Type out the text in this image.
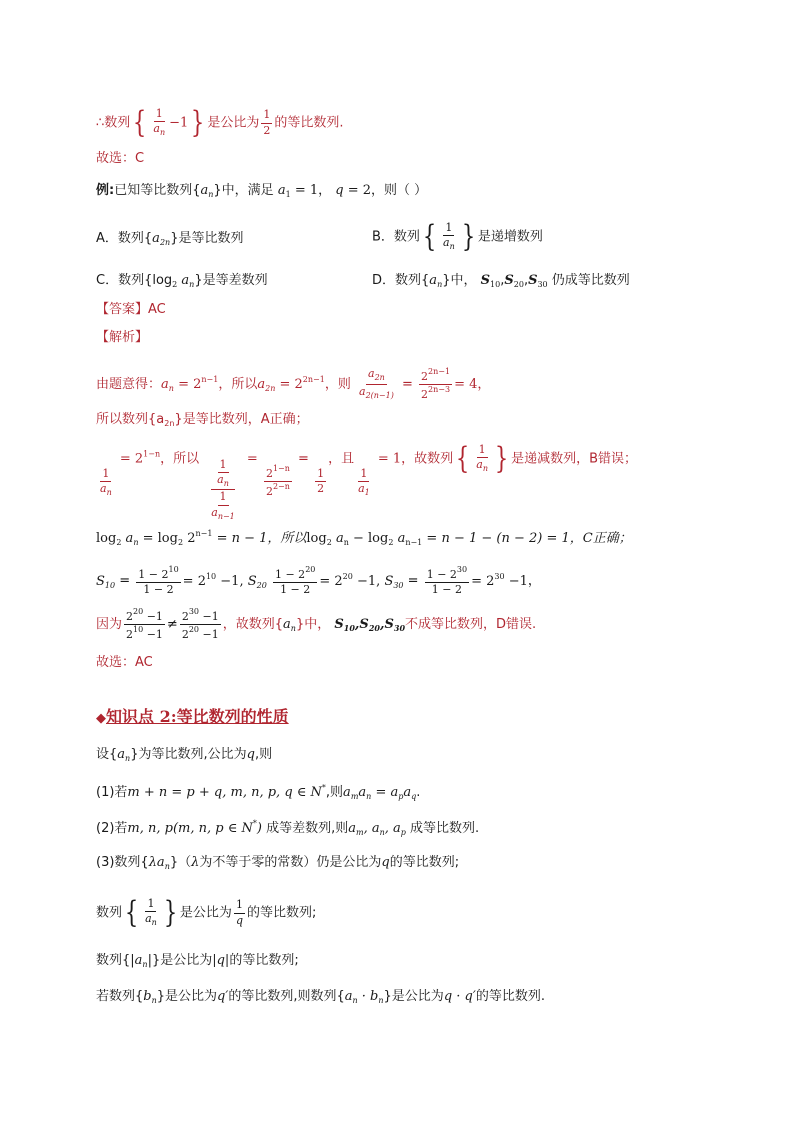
∴数列{ $\frac{1}{a_n} -1$} 是公比为 $\frac{1}{2}$ 的等比数列.
故选：C
例:已知等比数列$\{a_n\}$中，满足 $a_1 = 1$， q = 2，则（ ）
A．数列$\{a_{2n}\}$是等比数列	B．数列{ $\frac{1}{a_n}$ } 是递增数列
C．数列{$\log_2$ $a_n$}是等差数列	D．数列$\{a_n\}$中， $S_{10},S_{20},S_{30}$ 仍成等比数列
【答案】AC
【解析】
由题意得：$a_n = 2^{n-1}$，所以$a_{2n} = 2^{2n-1}$，则 $\frac{a_{2n}}{a_{2(n-1)}} = \frac{2^{2n-1}}{2^{2n-3}} = 4$，
所以数列$\{a_{2n}\}$是等比数列，A正确；
$\frac{1}{a_n}$
= $2^{1-n}$，所以 $\frac{\frac{1}{a_n}}{\frac{1}{a_{n-1}}}$ =
$\frac{2^{1-n}}{2^{2-n}}$
=
$\frac{1}{2}$
，且
$\frac{1}{a_1}$
= 1，故数列{ $\frac{1}{a_n}$ } 是递减数列，B错误；
$\log_2 a_n = \log_2 2^{n-1} = n - 1$，所以$\log_2 a_n - \log_2 a_{n-1} = n - 1 - (n - 2) = 1$，C正确；
$S_{10} = \frac{1 - 2^{10}}{1 - 2} = 2^{10} -1$, $S_{20} \frac{1 - 2^{20}}{1 - 2} = 2^{20} -1$, $S_{30} = \frac{1 - 2^{30}}{1 - 2} = 2^{30} -1$，
因为 $\frac{2^{20} -1}{2^{10} -1} \ne \frac{2^{30} -1}{2^{20} -1}$ ，故数列$\{a_n\}$中， $S_{10},S_{20},S_{30}$不成等比数列，D错误.
故选：AC
◆知识点 2:等比数列的性质
设$\{a_n\}$为等比数列,公比为q,则
(1)若m + n = p + q, m, n, p, q ∈ N*,则$a_ma_n = a_pa_q$.
(2)若m, n, p(m, n, p ∈ N*) 成等差数列,则$a_m$, $a_n$, $a_p$ 成等比数列.
(3)数列$\{\lambda a_n\}(\lambda$为不等于零的常数）仍是公比为q的等比数列;
数列{ $\frac{1}{a_n}$ } 是公比为 $\frac{1}{q}$ 的等比数列;
数列$\{|a_n|\}$是公比为|q|的等比数列;
若数列$\{b_n\}$是公比为q′的等比数列,则数列$\{a_n \cdot b_n\}$是公比为q · q′的等比数列.
